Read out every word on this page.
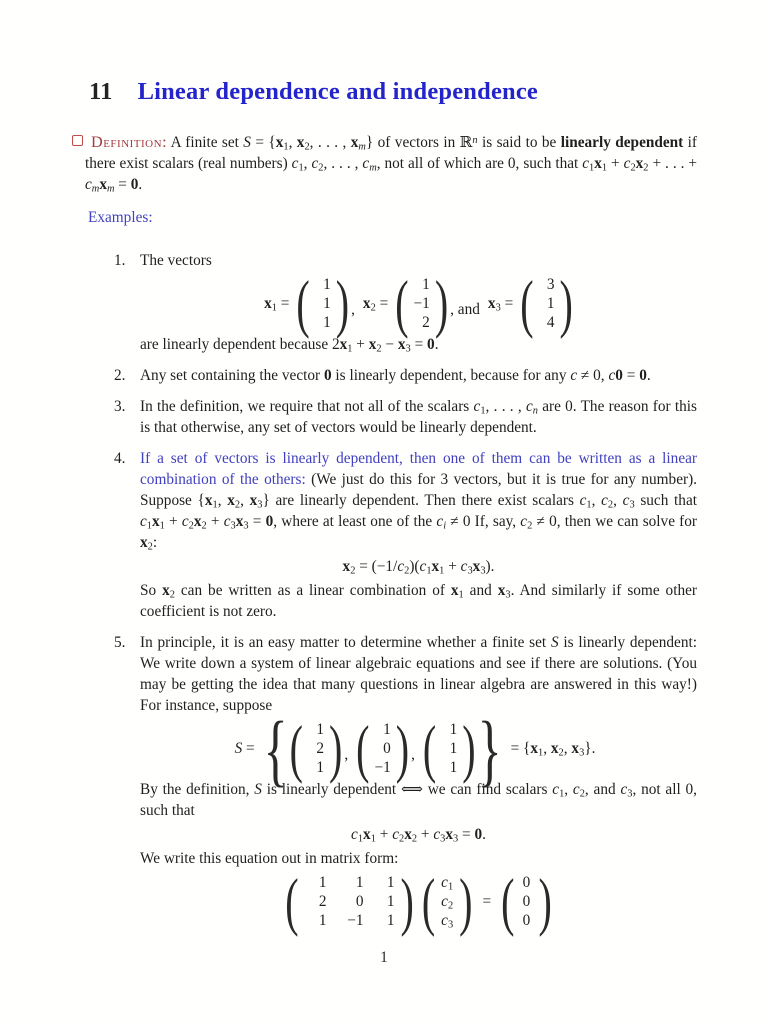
11 Linear dependence and independence

Definition: A finite set $S = \{x_1$, $x_2$, . . . , $x_m$} of vectors in ℝ$^n$ is said to be linearly dependent if there exist scalars (real numbers) $c_1$, $c_2$, . . . , $c_m$, not all of which are 0, such that $c_1x_1 + c_2x_2$ + . . . + $c_mx_m = 0$.

Examples:

1. The vectors

$x_1$ = ( 1
1
1 ) , $x_2$ = ( 1
−1
2 ) , and $x_3$ = ( 3
1
4 )

are linearly dependent because $2x_1 + x_2 - x_3 = 0$.

2. Any set containing the vector 0 is linearly dependent, because for any c ≠ 0, c0 = 0.

3. In the definition, we require that not all of the scalars $c_1$, . . . , $c_n$ are 0. The reason for this is that otherwise, any set of vectors would be linearly dependent.

4. If a set of vectors is linearly dependent, then one of them can be written as a linear combination of the others: (We just do this for 3 vectors, but it is true for any number). Suppose {$x_1$, $x_2$, $x_3$} are linearly dependent. Then there exist scalars $c_1$, $c_2$, $c_3$ such that $c_1x_1 + c_2x_2 + c_3x_3 = 0$, where at least one of the $c_i \ne 0$ If, say, $c_2 \ne 0$, then we can solve for $x_2$:

$x_2 = (-1/c_2)(c_1x_1 + c_3x_3)$.

So $x_2$ can be written as a linear combination of $x_1$ and $x_3$. And similarly if some other coefficient is not zero.

5. In principle, it is an easy matter to determine whether a finite set S is linearly dependent: We write down a system of linear algebraic equations and see if there are solutions. (You may be getting the idea that many questions in linear algebra are answered in this way!) For instance, suppose

S = { ( 1
2
1 ) , ( 1
0
−1 ) , ( 1
1
1 ) } = {$x_1$, $x_2$, $x_3$}.

By the definition, S is linearly dependent ⟺ we can find scalars $c_1$, $c_2$, and $c_3$, not all 0, such that

$c_1x_1 + c_2x_2 + c_3x_3 = 0$.

We write this equation out in matrix form:

(	1	1	1
2	0	1
1	−1	1 ) ( $c_1$
$c_2$
$c_3$ ) = ( 0
0
0 )
1
